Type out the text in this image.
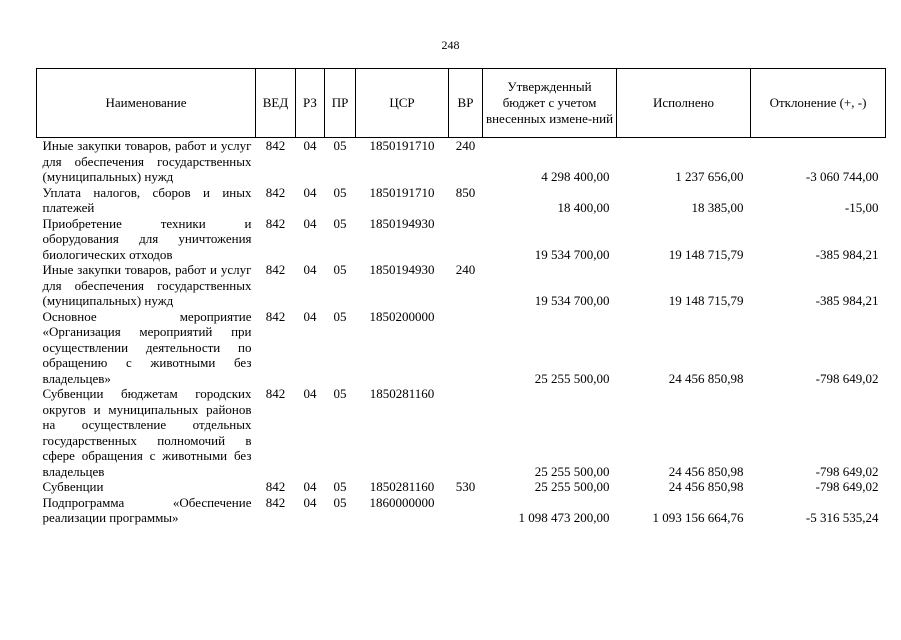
248
Наименование	ВЕД	РЗ	ПР	ЦСР	ВР	Утвержденный бюджет с учетом внесенных измене-ний	Исполнено	Отклонение (+, -)
Иные закупки товаров, работ и услуг для обеспечения государственных (муниципальных) нужд	842	04	05	1850191710	240	4 298 400,00	1 237 656,00	-3 060 744,00
Уплата налогов, сборов и иных платежей	842	04	05	1850191710	850	18 400,00	18 385,00	-15,00
Приобретение техники и оборудования для уничтожения биологических отходов	842	04	05	1850194930		19 534 700,00	19 148 715,79	-385 984,21
Иные закупки товаров, работ и услуг для обеспечения государственных (муниципальных) нужд	842	04	05	1850194930	240	19 534 700,00	19 148 715,79	-385 984,21
Основное мероприятие «Организация мероприятий при осуществлении деятельности по обращению с животными без владельцев»	842	04	05	1850200000		25 255 500,00	24 456 850,98	-798 649,02
Субвенции бюджетам городских округов и муниципальных районов на осуществление отдельных государственных полномочий в сфере обращения с животными без владельцев	842	04	05	1850281160		25 255 500,00	24 456 850,98	-798 649,02
Субвенции	842	04	05	1850281160	530	25 255 500,00	24 456 850,98	-798 649,02
Подпрограмма «Обеспечение реализации программы»	842	04	05	1860000000		1 098 473 200,00	1 093 156 664,76	-5 316 535,24
